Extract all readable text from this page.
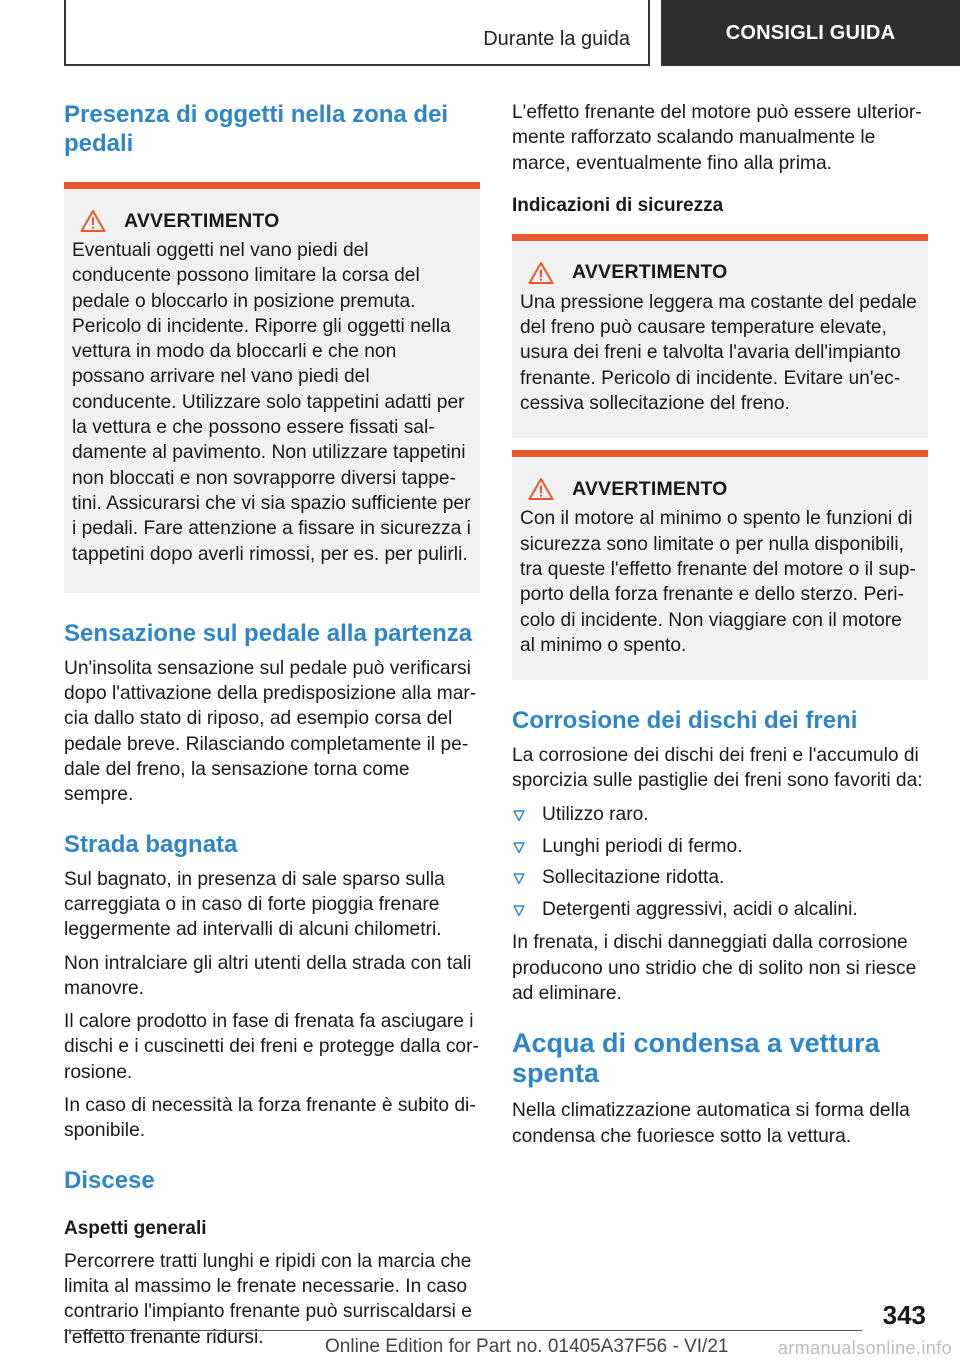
Durante la guida	CONSIGLI GUIDA
Presenza di oggetti nella zona dei pedali
AVVERTIMENTO

Eventuali oggetti nel vano piedi del conducente possono limitare la corsa del pedale o bloccarlo in posizione premuta. Pericolo di incidente. Riporre gli oggetti nella vettura in modo da bloccarli e che non possano arrivare nel vano piedi del conducente. Utilizzare solo tappetini adatti per la vettura e che possono essere fissati saldamente al pavimento. Non utilizzare tappetini non bloccati e non sovrapporre diversi tappetini. Assicurarsi che vi sia spazio sufficiente per i pedali. Fare attenzione a fissare in sicurezza i tappetini dopo averli rimossi, per es. per pulirli.

Sensazione sul pedale alla partenza

Un'insolita sensazione sul pedale può verificarsi dopo l'attivazione della predisposizione alla marcia dallo stato di riposo, ad esempio corsa del pedale breve. Rilasciando completamente il pedale del freno, la sensazione torna come sempre.

Strada bagnata

Sul bagnato, in presenza di sale sparso sulla carreggiata o in caso di forte pioggia frenare leggermente ad intervalli di alcuni chilometri.

Non intralciare gli altri utenti della strada con tali manovre.

Il calore prodotto in fase di frenata fa asciugare i dischi e i cuscinetti dei freni e protegge dalla corrosione.

In caso di necessità la forza frenante è subito disponibile.

Discese
Aspetti generali

Percorrere tratti lunghi e ripidi con la marcia che limita al massimo le frenate necessarie. In caso contrario l'impianto frenante può surriscaldarsi e l'effetto frenante ridursi.

L'effetto frenante del motore può essere ulteriormente rafforzato scalando manualmente le marce, eventualmente fino alla prima.

Indicazioni di sicurezza
AVVERTIMENTO

Una pressione leggera ma costante del pedale del freno può causare temperature elevate, usura dei freni e talvolta l'avaria dell'impianto frenante. Pericolo di incidente. Evitare un'eccessiva sollecitazione del freno.

AVVERTIMENTO

Con il motore al minimo o spento le funzioni di sicurezza sono limitate o per nulla disponibili, tra queste l'effetto frenante del motore o il supporto della forza frenante e dello sterzo. Pericolo di incidente. Non viaggiare con il motore al minimo o spento.

Corrosione dei dischi dei freni

La corrosione dei dischi dei freni e l'accumulo di sporcizia sulle pastiglie dei freni sono favoriti da:

Utilizzo raro.
Lunghi periodi di fermo.
Sollecitazione ridotta.
Detergenti aggressivi, acidi o alcalini.

In frenata, i dischi danneggiati dalla corrosione producono uno stridio che di solito non si riesce ad eliminare.

Acqua di condensa a vettura spenta

Nella climatizzazione automatica si forma della condensa che fuoriesce sotto la vettura.

343
Online Edition for Part no. 01405A37F56 - VI/21	armanualsonline.info
